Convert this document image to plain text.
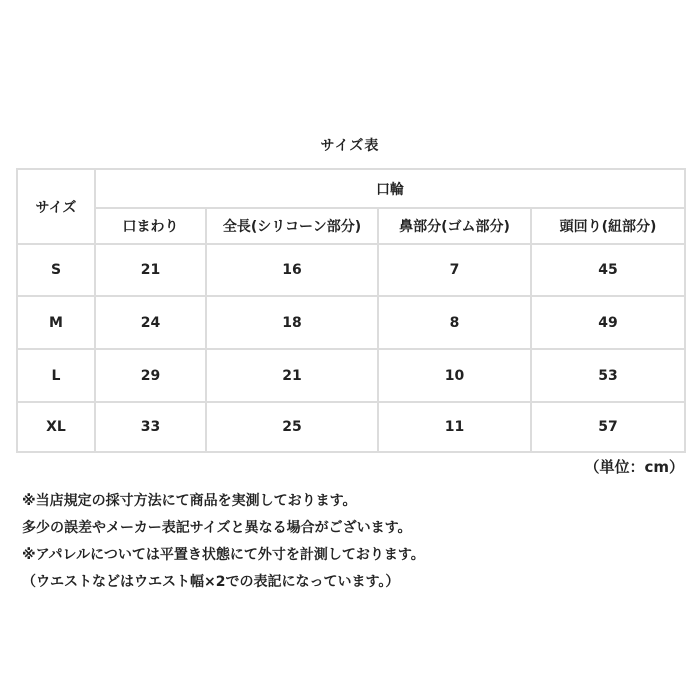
サイズ表
サイズ	口輪			
	口まわり	全長(シリコーン部分)	鼻部分(ゴム部分)	頭回り(紐部分)
S	21	16	7	45
M	24	18	8	49
L	29	21	10	53
XL	33	25	11	57
（単位：cm）
※当店規定の採寸方法にて商品を実測しております。
多少の誤差やメーカー表記サイズと異なる場合がございます。
※アパレルについては平置き状態にて外寸を計測しております。
（ウエストなどはウエスト幅×2での表記になっています。）
